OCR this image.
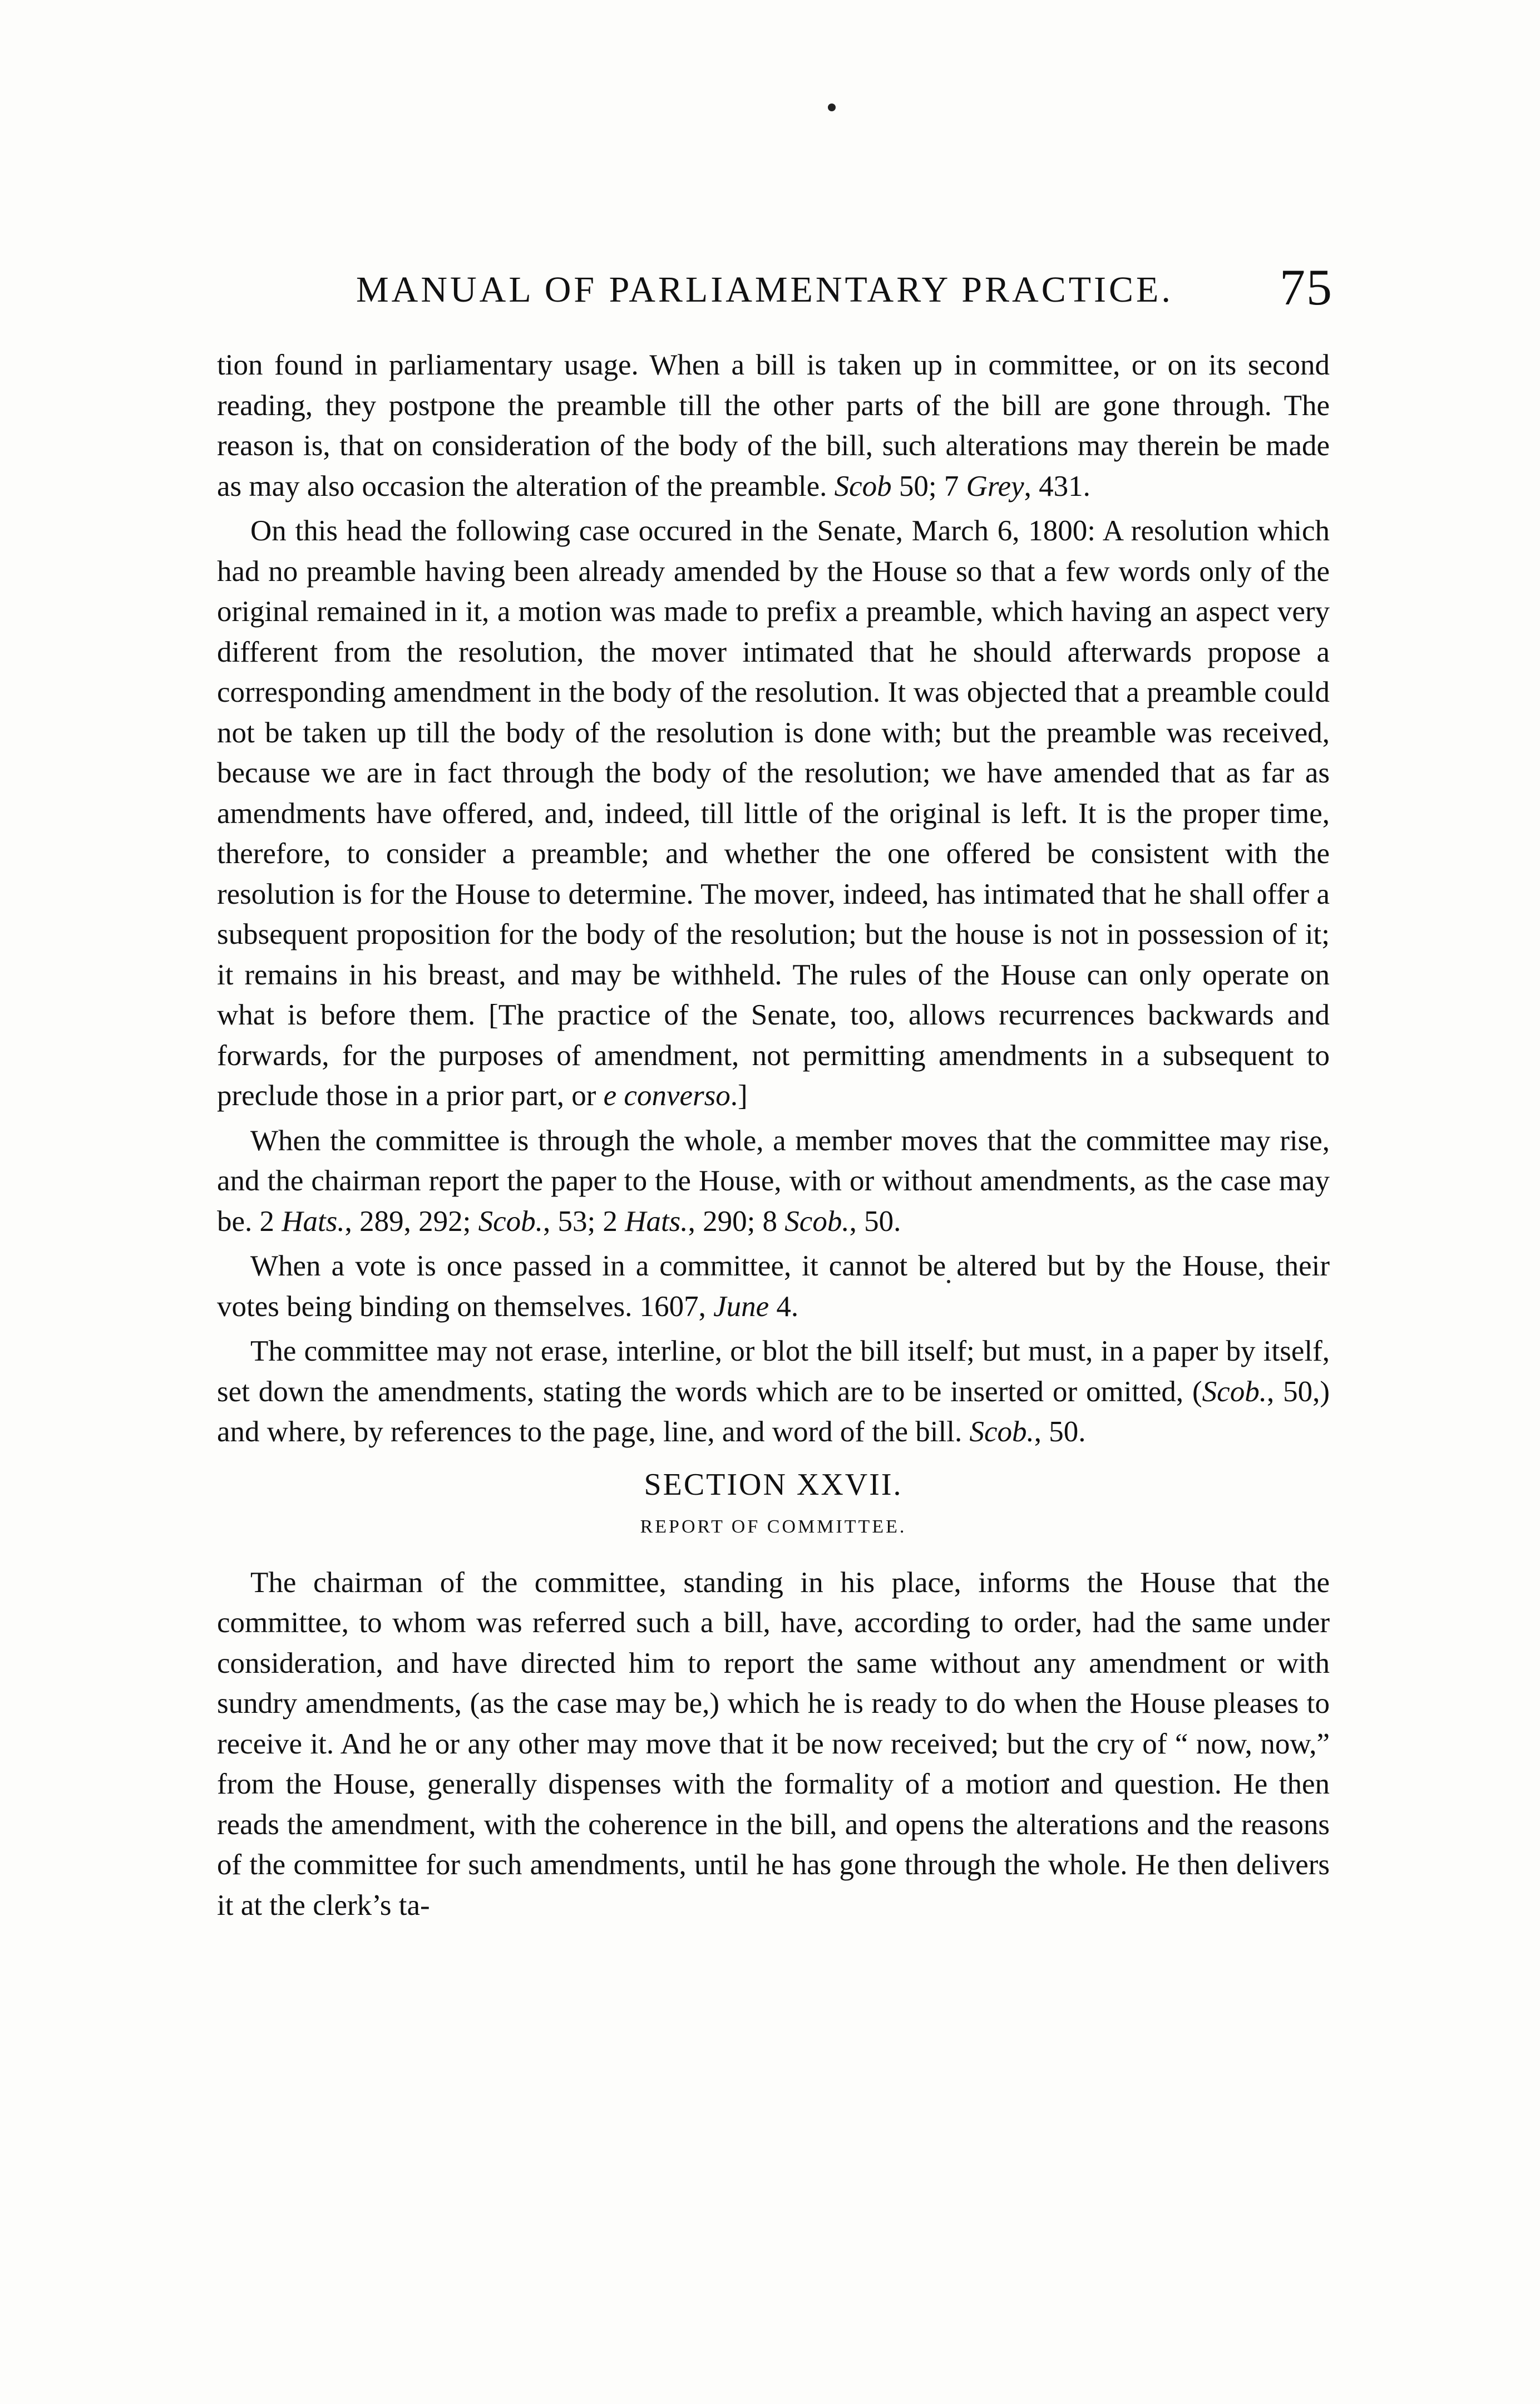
MANUAL OF PARLIAMENTARY PRACTICE. 75

tion found in parliamentary usage. When a bill is taken up in committee, or on its second reading, they postpone the preamble till the other parts of the bill are gone through. The reason is, that on consideration of the body of the bill, such alterations may therein be made as may also occasion the alteration of the preamble. Scob 50; 7 Grey, 431.

On this head the following case occured in the Senate, March 6, 1800: A resolution which had no preamble having been already amended by the House so that a few words only of the original remained in it, a motion was made to prefix a preamble, which having an aspect very different from the resolution, the mover intimated that he should afterwards propose a corresponding amendment in the body of the resolution. It was objected that a preamble could not be taken up till the body of the resolution is done with; but the preamble was received, because we are in fact through the body of the resolution; we have amended that as far as amendments have offered, and, indeed, till little of the original is left. It is the proper time, therefore, to consider a preamble; and whether the one offered be consistent with the resolution is for the House to determine. The mover, indeed, has intimated that he shall offer a subsequent proposition for the body of the resolution; but the house is not in possession of it; it remains in his breast, and may be withheld. The rules of the House can only operate on what is before them. [The practice of the Senate, too, allows recurrences backwards and forwards, for the purposes of amendment, not permitting amendments in a subsequent to preclude those in a prior part, or e converso.]

When the committee is through the whole, a member moves that the committee may rise, and the chairman report the paper to the House, with or without amendments, as the case may be. 2 Hats., 289, 292; Scob., 53; 2 Hats., 290; 8 Scob., 50.

When a vote is once passed in a committee, it cannot be altered but by the House, their votes being binding on themselves. 1607, June 4.

The committee may not erase, interline, or blot the bill itself; but must, in a paper by itself, set down the amendments, stating the words which are to be inserted or omitted, (Scob., 50,) and where, by references to the page, line, and word of the bill. Scob., 50.

SECTION XXVII.
REPORT OF COMMITTEE.

The chairman of the committee, standing in his place, informs the House that the committee, to whom was referred such a bill, have, according to order, had the same under consideration, and have directed him to report the same without any amendment or with sundry amendments, (as the case may be,) which he is ready to do when the House pleases to receive it. And he or any other may move that it be now received; but the cry of “ now, now,” from the House, generally dispenses with the formality of a motion and question. He then reads the amendment, with the coherence in the bill, and opens the alterations and the reasons of the committee for such amendments, until he has gone through the whole. He then delivers it at the clerk’s ta-
